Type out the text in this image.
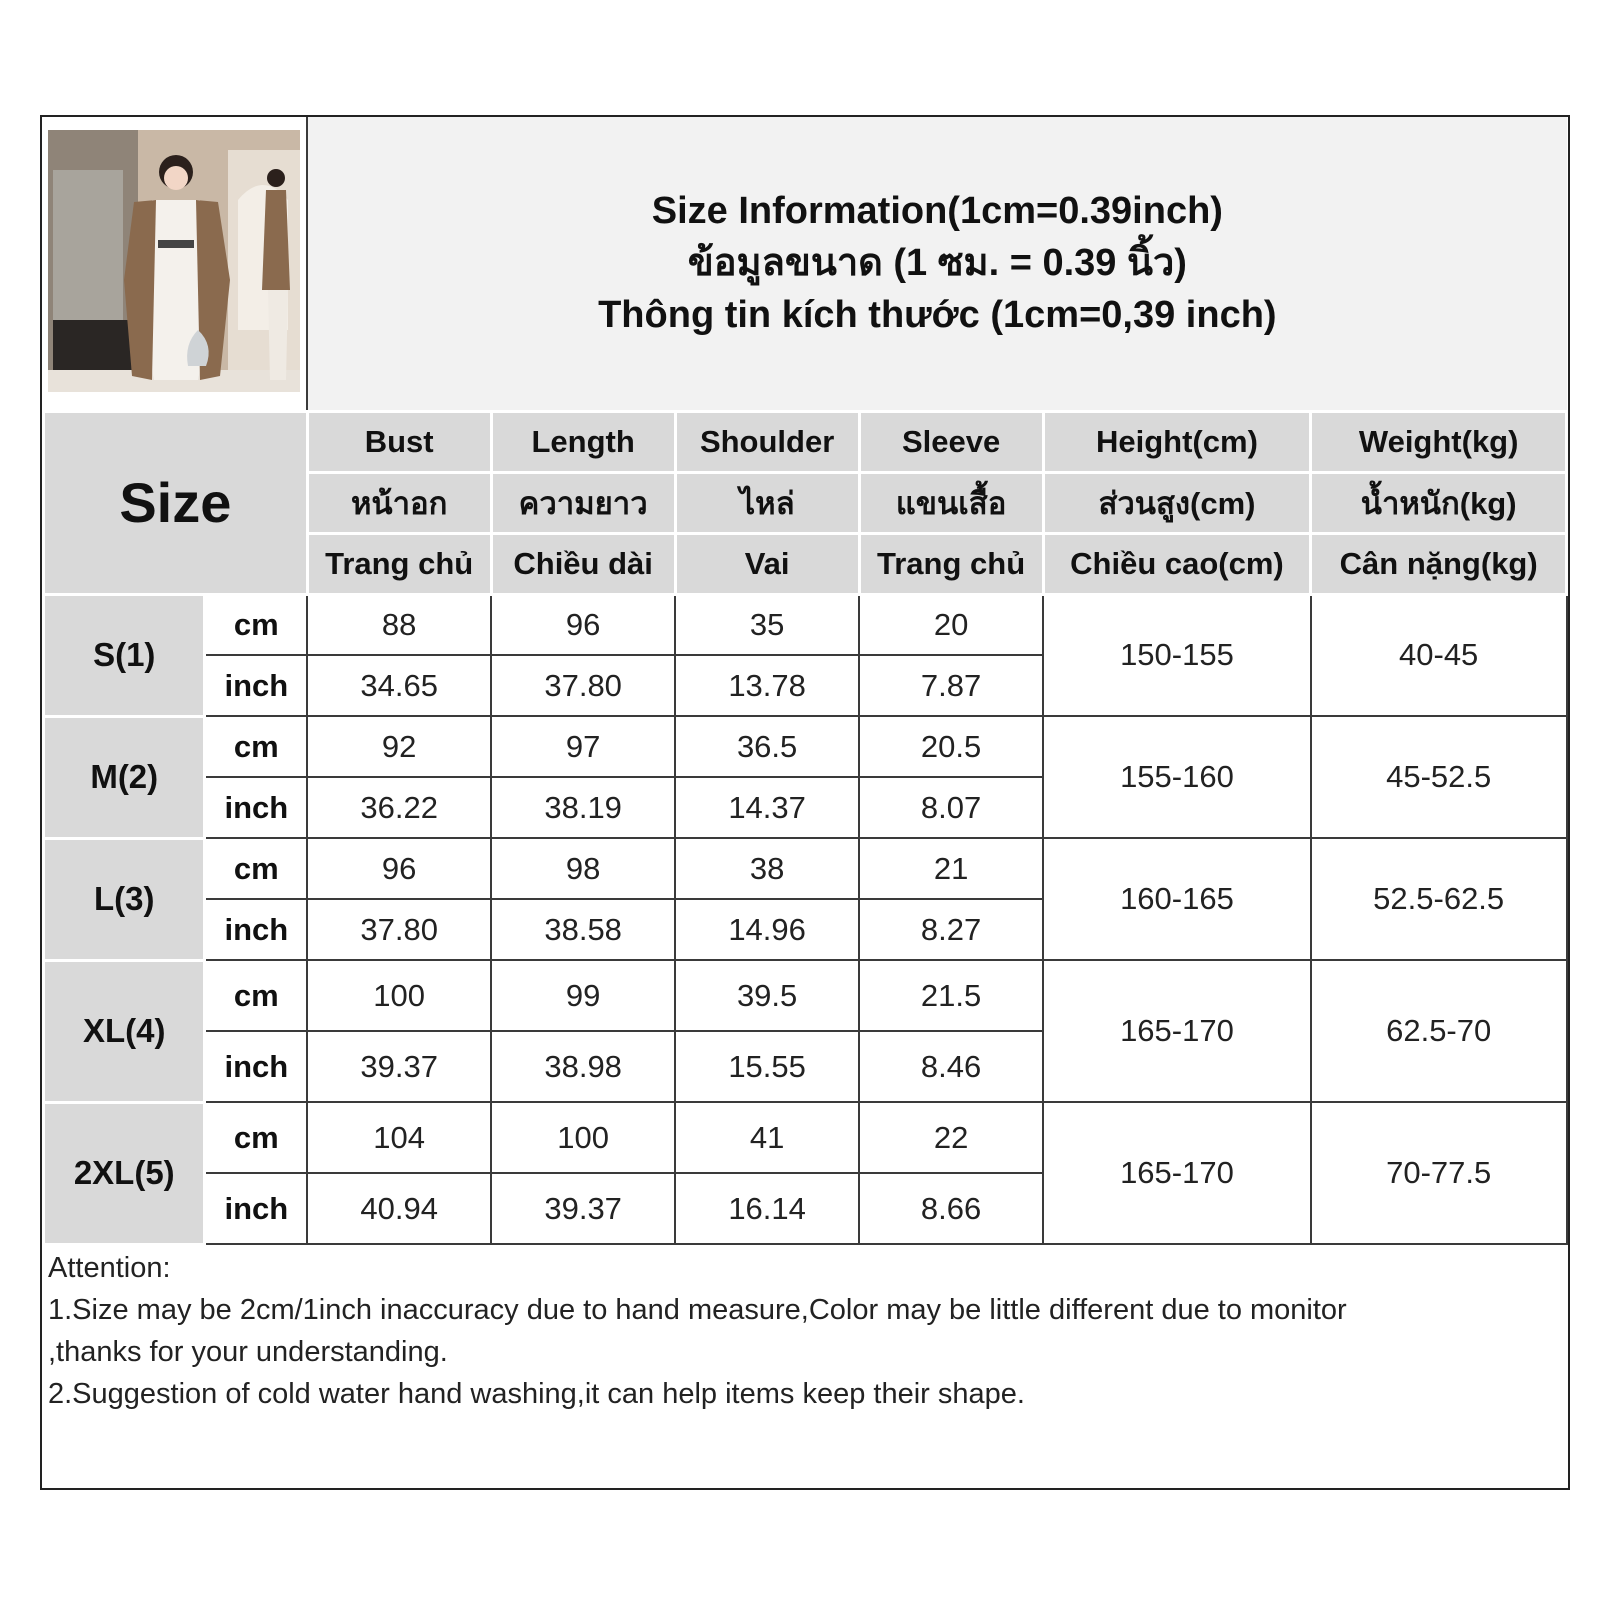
Size Information(1cm=0.39inch)
ข้อมูลขนาด (1 ซม. = 0.39 นิ้ว)
Thông tin kích thước (1cm=0,39 inch)					

Size		Bust	Length	Shoulder	Sleeve	Height(cm)	Weight(kg)
		หน้าอก	ความยาว	ไหล่	แขนเสื้อ	ส่วนสูง(cm)	น้ำหนัก(kg)
		Trang chủ	Chiều dài	Vai	Trang chủ	Chiều cao(cm)	Cân nặng(kg)
S(1)	cm	88	96	35	20	150-155	40-45
	inch	34.65	37.80	13.78	7.87		
M(2)	cm	92	97	36.5	20.5	155-160	45-52.5
	inch	36.22	38.19	14.37	8.07		
L(3)	cm	96	98	38	21	160-165	52.5-62.5
	inch	37.80	38.58	14.96	8.27		
XL(4)	cm	100	99	39.5	21.5	165-170	62.5-70
	inch	39.37	38.98	15.55	8.46		
2XL(5)	cm	104	100	41	22	165-170	70-77.5
	inch	40.94	39.37	16.14	8.66		
Attention:
1.Size may be 2cm/1inch inaccuracy due to hand measure,Color may be little different due to monitor
,thanks for your understanding.
2.Suggestion of cold water hand washing,it can help items keep their shape.
